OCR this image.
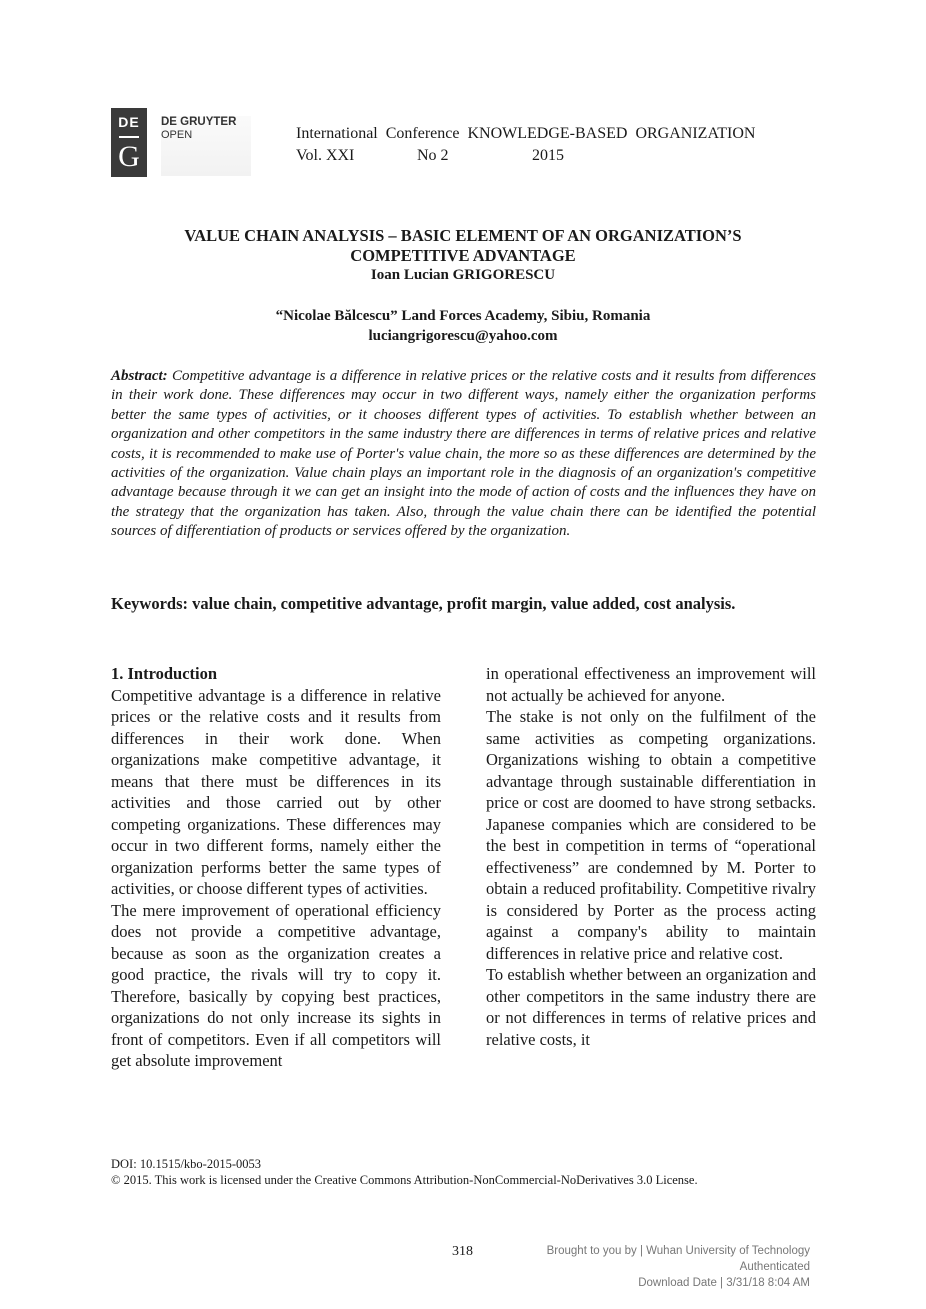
DE
G
DE GRUYTER
OPEN	International Conference KNOWLEDGE-BASED ORGANIZATION
Vol. XXI	No 2	2015
VALUE CHAIN ANALYSIS – BASIC ELEMENT OF AN ORGANIZATION’S
COMPETITIVE ADVANTAGE
Ioan Lucian GRIGORESCU
“Nicolae Bălcescu” Land Forces Academy, Sibiu, Romania
luciangrigorescu@yahoo.com
Abstract: Competitive advantage is a difference in relative prices or the relative costs and it results from differences in their work done. These differences may occur in two different ways, namely either the organization performs better the same types of activities, or it chooses different types of activities. To establish whether between an organization and other competitors in the same industry there are differences in terms of relative prices and relative costs, it is recommended to make use of Porter's value chain, the more so as these differences are determined by the activities of the organization. Value chain plays an important role in the diagnosis of an organization's competitive advantage because through it we can get an insight into the mode of action of costs and the influences they have on the strategy that the organization has taken. Also, through the value chain there can be identified the potential sources of differentiation of products or services offered by the organization.
Keywords: value chain, competitive advantage, profit margin, value added, cost analysis.
1. Introduction

Competitive advantage is a difference in relative prices or the relative costs and it results from differences in their work done. When organizations make competitive advantage, it means that there must be differences in its activities and those carried out by other competing organizations. These differences may occur in two different forms, namely either the organization performs better the same types of activities, or choose different types of activities.

The mere improvement of operational efficiency does not provide a competitive advantage, because as soon as the organization creates a good practice, the rivals will try to copy it. Therefore, basically by copying best practices, organizations do not only increase its sights in front of competitors. Even if all competitors will get absolute improvement

in operational effectiveness an improvement will not actually be achieved for anyone.

The stake is not only on the fulfilment of the same activities as competing organizations. Organizations wishing to obtain a competitive advantage through sustainable differentiation in price or cost are doomed to have strong setbacks. Japanese companies which are considered to be the best in competition in terms of “operational effectiveness” are condemned by M. Porter to obtain a reduced profitability. Competitive rivalry is considered by Porter as the process acting against a company's ability to maintain differences in relative price and relative cost.

To establish whether between an organization and other competitors in the same industry there are or not differences in terms of relative prices and relative costs, it

DOI: 10.1515/kbo-2015-0053
© 2015. This work is licensed under the Creative Commons Attribution-NonCommercial-NoDerivatives 3.0 License.
318	Brought to you by | Wuhan University of Technology
Authenticated
Download Date | 3/31/18 8:04 AM
